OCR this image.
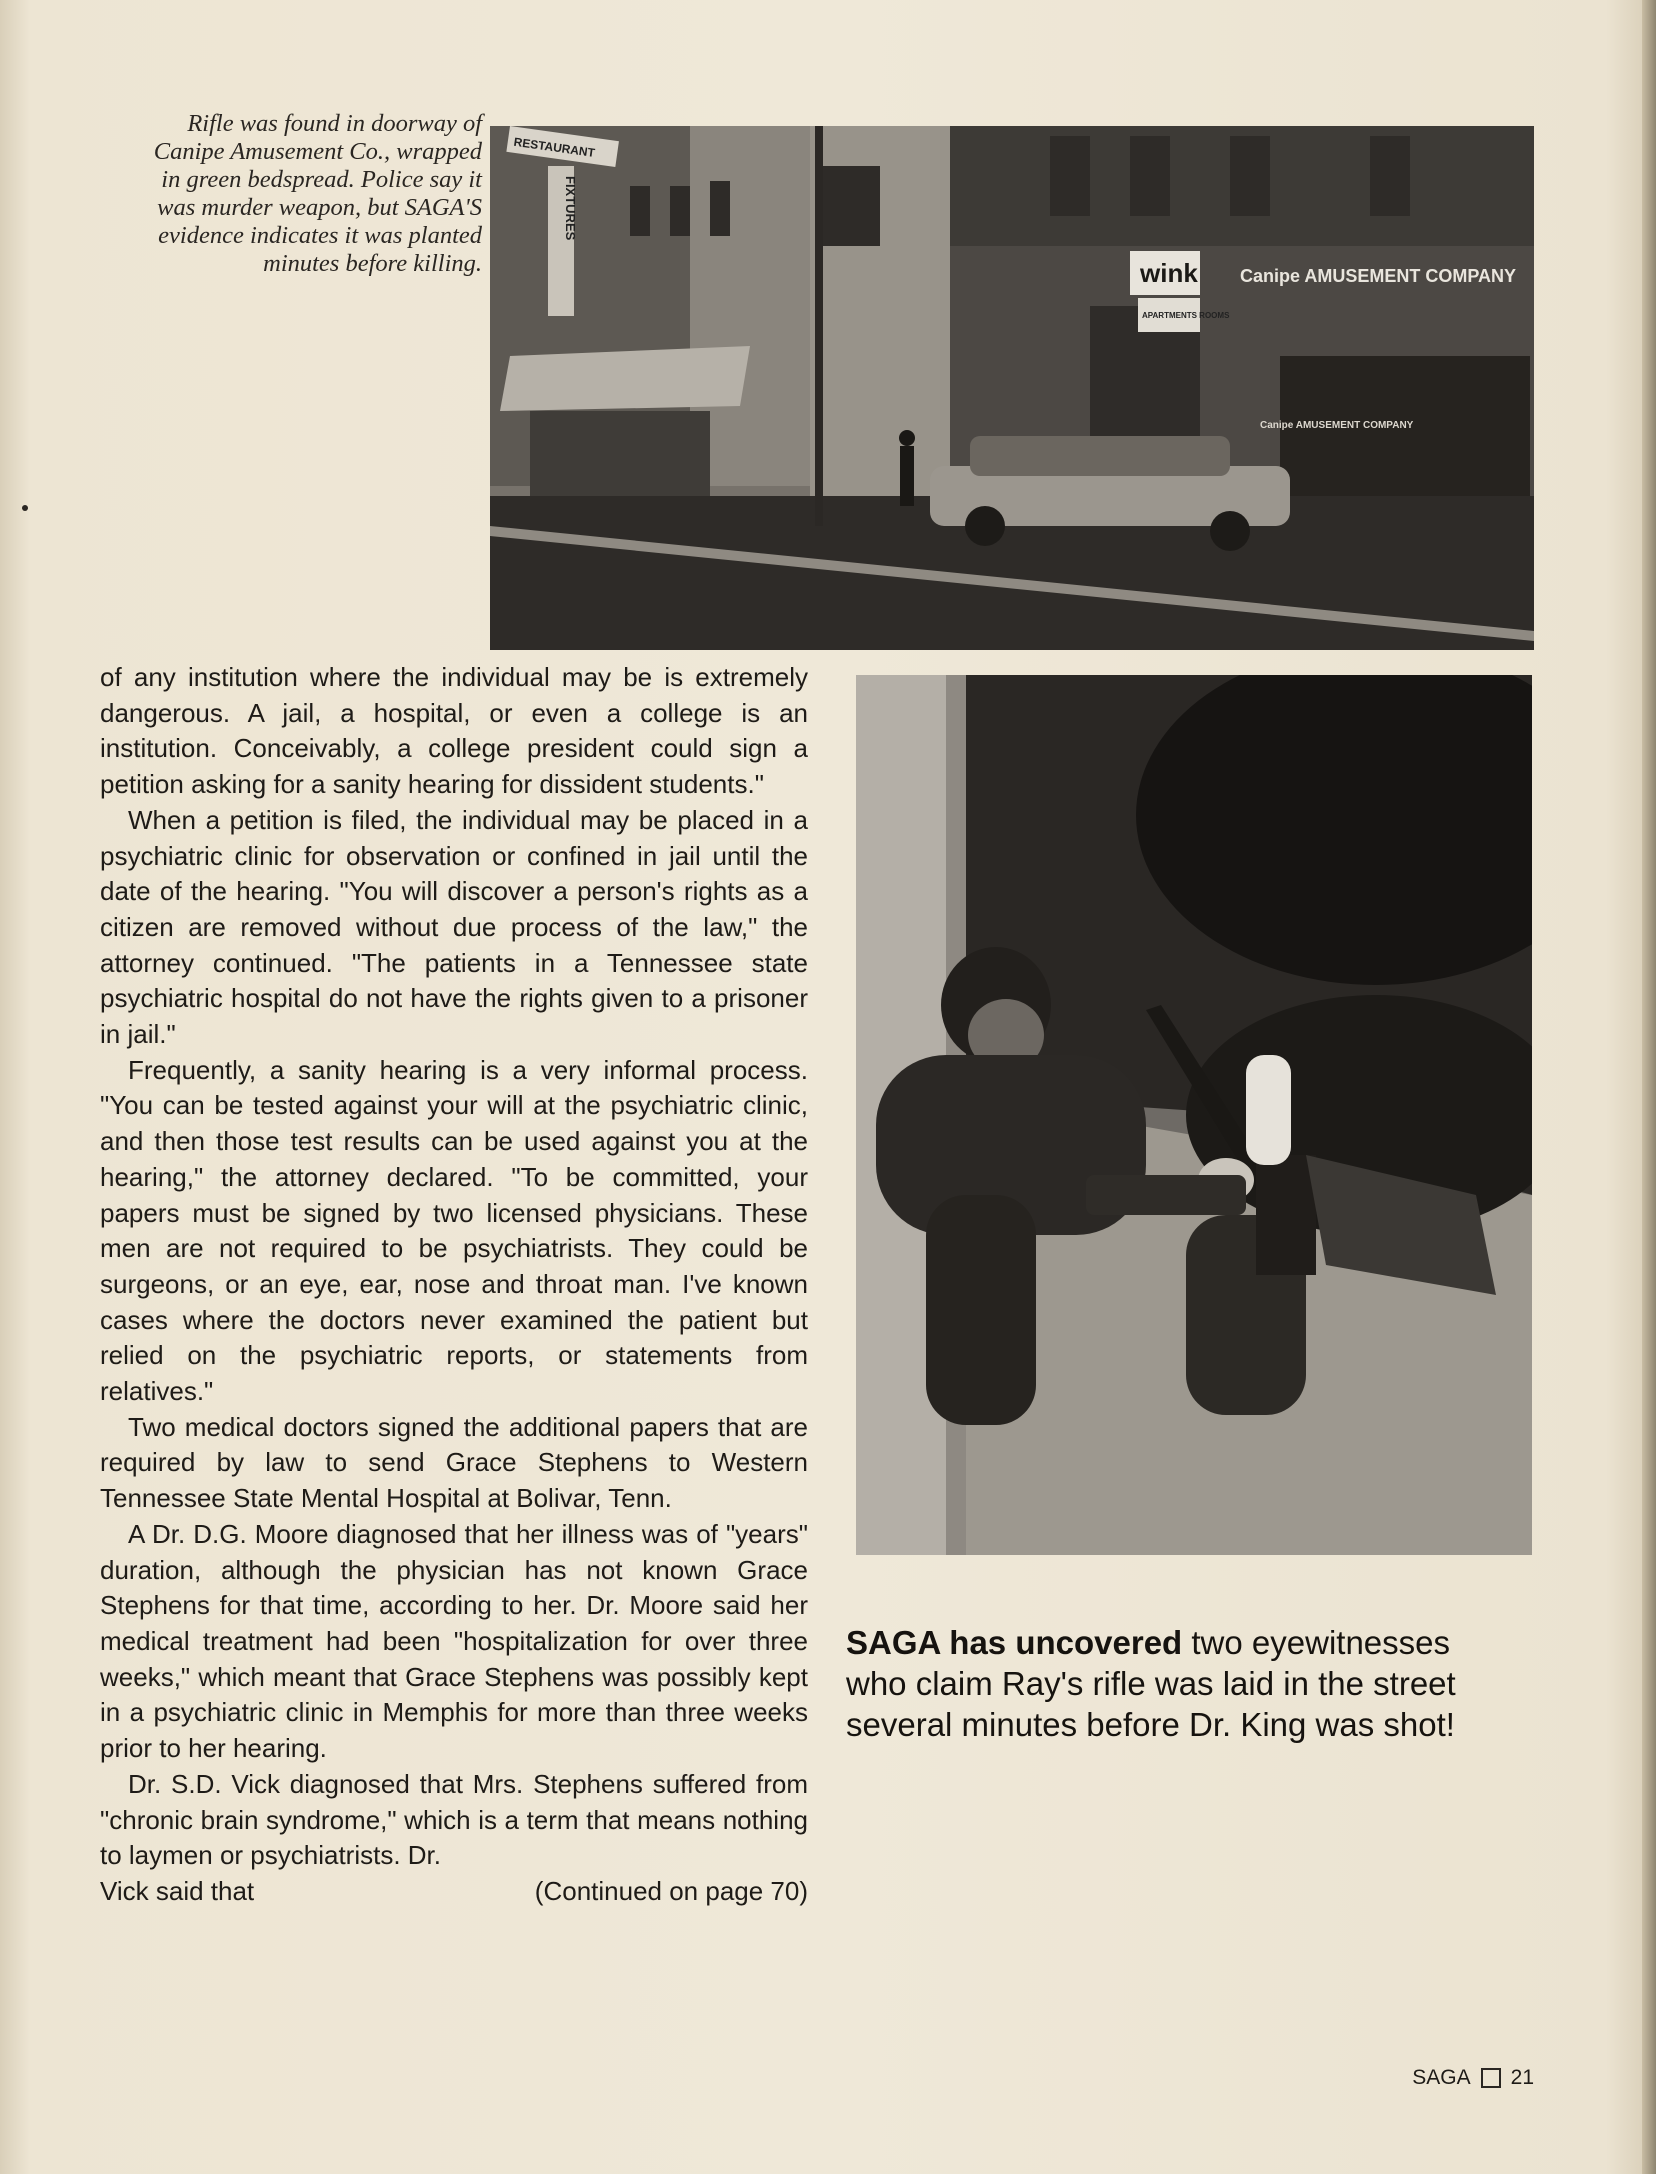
Rifle was found in doorway of Canipe Amusement Co., wrapped in green bedspread. Police say it was murder weapon, but SAGA'S evidence indicates it was planted minutes before killing.
RESTAURANT
FIXTURES
wink
APARTMENTS ROOMS
Canipe AMUSEMENT COMPANY
Canipe AMUSEMENT COMPANY

of any institution where the individual may be is extremely dangerous. A jail, a hospital, or even a college is an institution. Conceivably, a college president could sign a petition asking for a sanity hearing for dissident students."

When a petition is filed, the individual may be placed in a psychiatric clinic for observation or confined in jail until the date of the hearing. "You will discover a person's rights as a citizen are removed without due process of the law," the attorney continued. "The patients in a Tennessee state psychiatric hospital do not have the rights given to a prisoner in jail."

Frequently, a sanity hearing is a very informal process. "You can be tested against your will at the psychiatric clinic, and then those test results can be used against you at the hearing," the attorney declared. "To be committed, your papers must be signed by two licensed physicians. These men are not required to be psychiatrists. They could be surgeons, or an eye, ear, nose and throat man. I've known cases where the doctors never examined the patient but relied on the psychiatric reports, or statements from relatives."

Two medical doctors signed the additional papers that are required by law to send Grace Stephens to Western Tennessee State Mental Hospital at Bolivar, Tenn.

A Dr. D.G. Moore diagnosed that her illness was of "years" duration, although the physician has not known Grace Stephens for that time, according to her. Dr. Moore said her medical treatment had been "hospitalization for over three weeks," which meant that Grace Stephens was possibly kept in a psychiatric clinic in Memphis for more than three weeks prior to her hearing.

Dr. S.D. Vick diagnosed that Mrs. Stephens suffered from "chronic brain syndrome," which is a term that means nothing to laymen or psychiatrists. Dr.

Vick said that	(Continued on page 70)
SAGA has uncovered two eyewitnesses who claim Ray's rifle was laid in the street several minutes before Dr. King was shot!
SAGA 21
